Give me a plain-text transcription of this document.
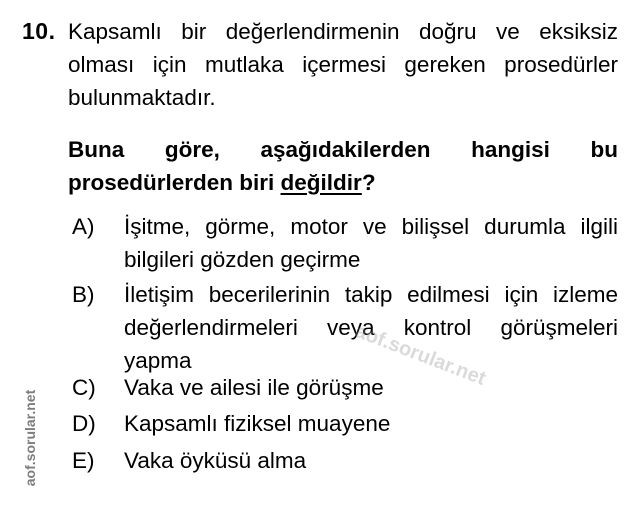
10. Kapsamlı bir değerlendirmenin doğru ve eksiksiz olması için mutlaka içermesi gereken prosedürler bulunmaktadır.
Buna göre, aşağıdakilerden hangisi bu prosedürlerden biri değildir?
A)	İşitme, görme, motor ve bilişsel durumla ilgili bilgileri gözden geçirme
B)	İletişim becerilerinin takip edilmesi için izleme değerlendirmeleri veya kontrol görüşmeleri yapma
C)	Vaka ve ailesi ile görüşme
D)	Kapsamlı fiziksel muayene
E)	Vaka öyküsü alma
aof.sorular.net
aof.sorular.net
